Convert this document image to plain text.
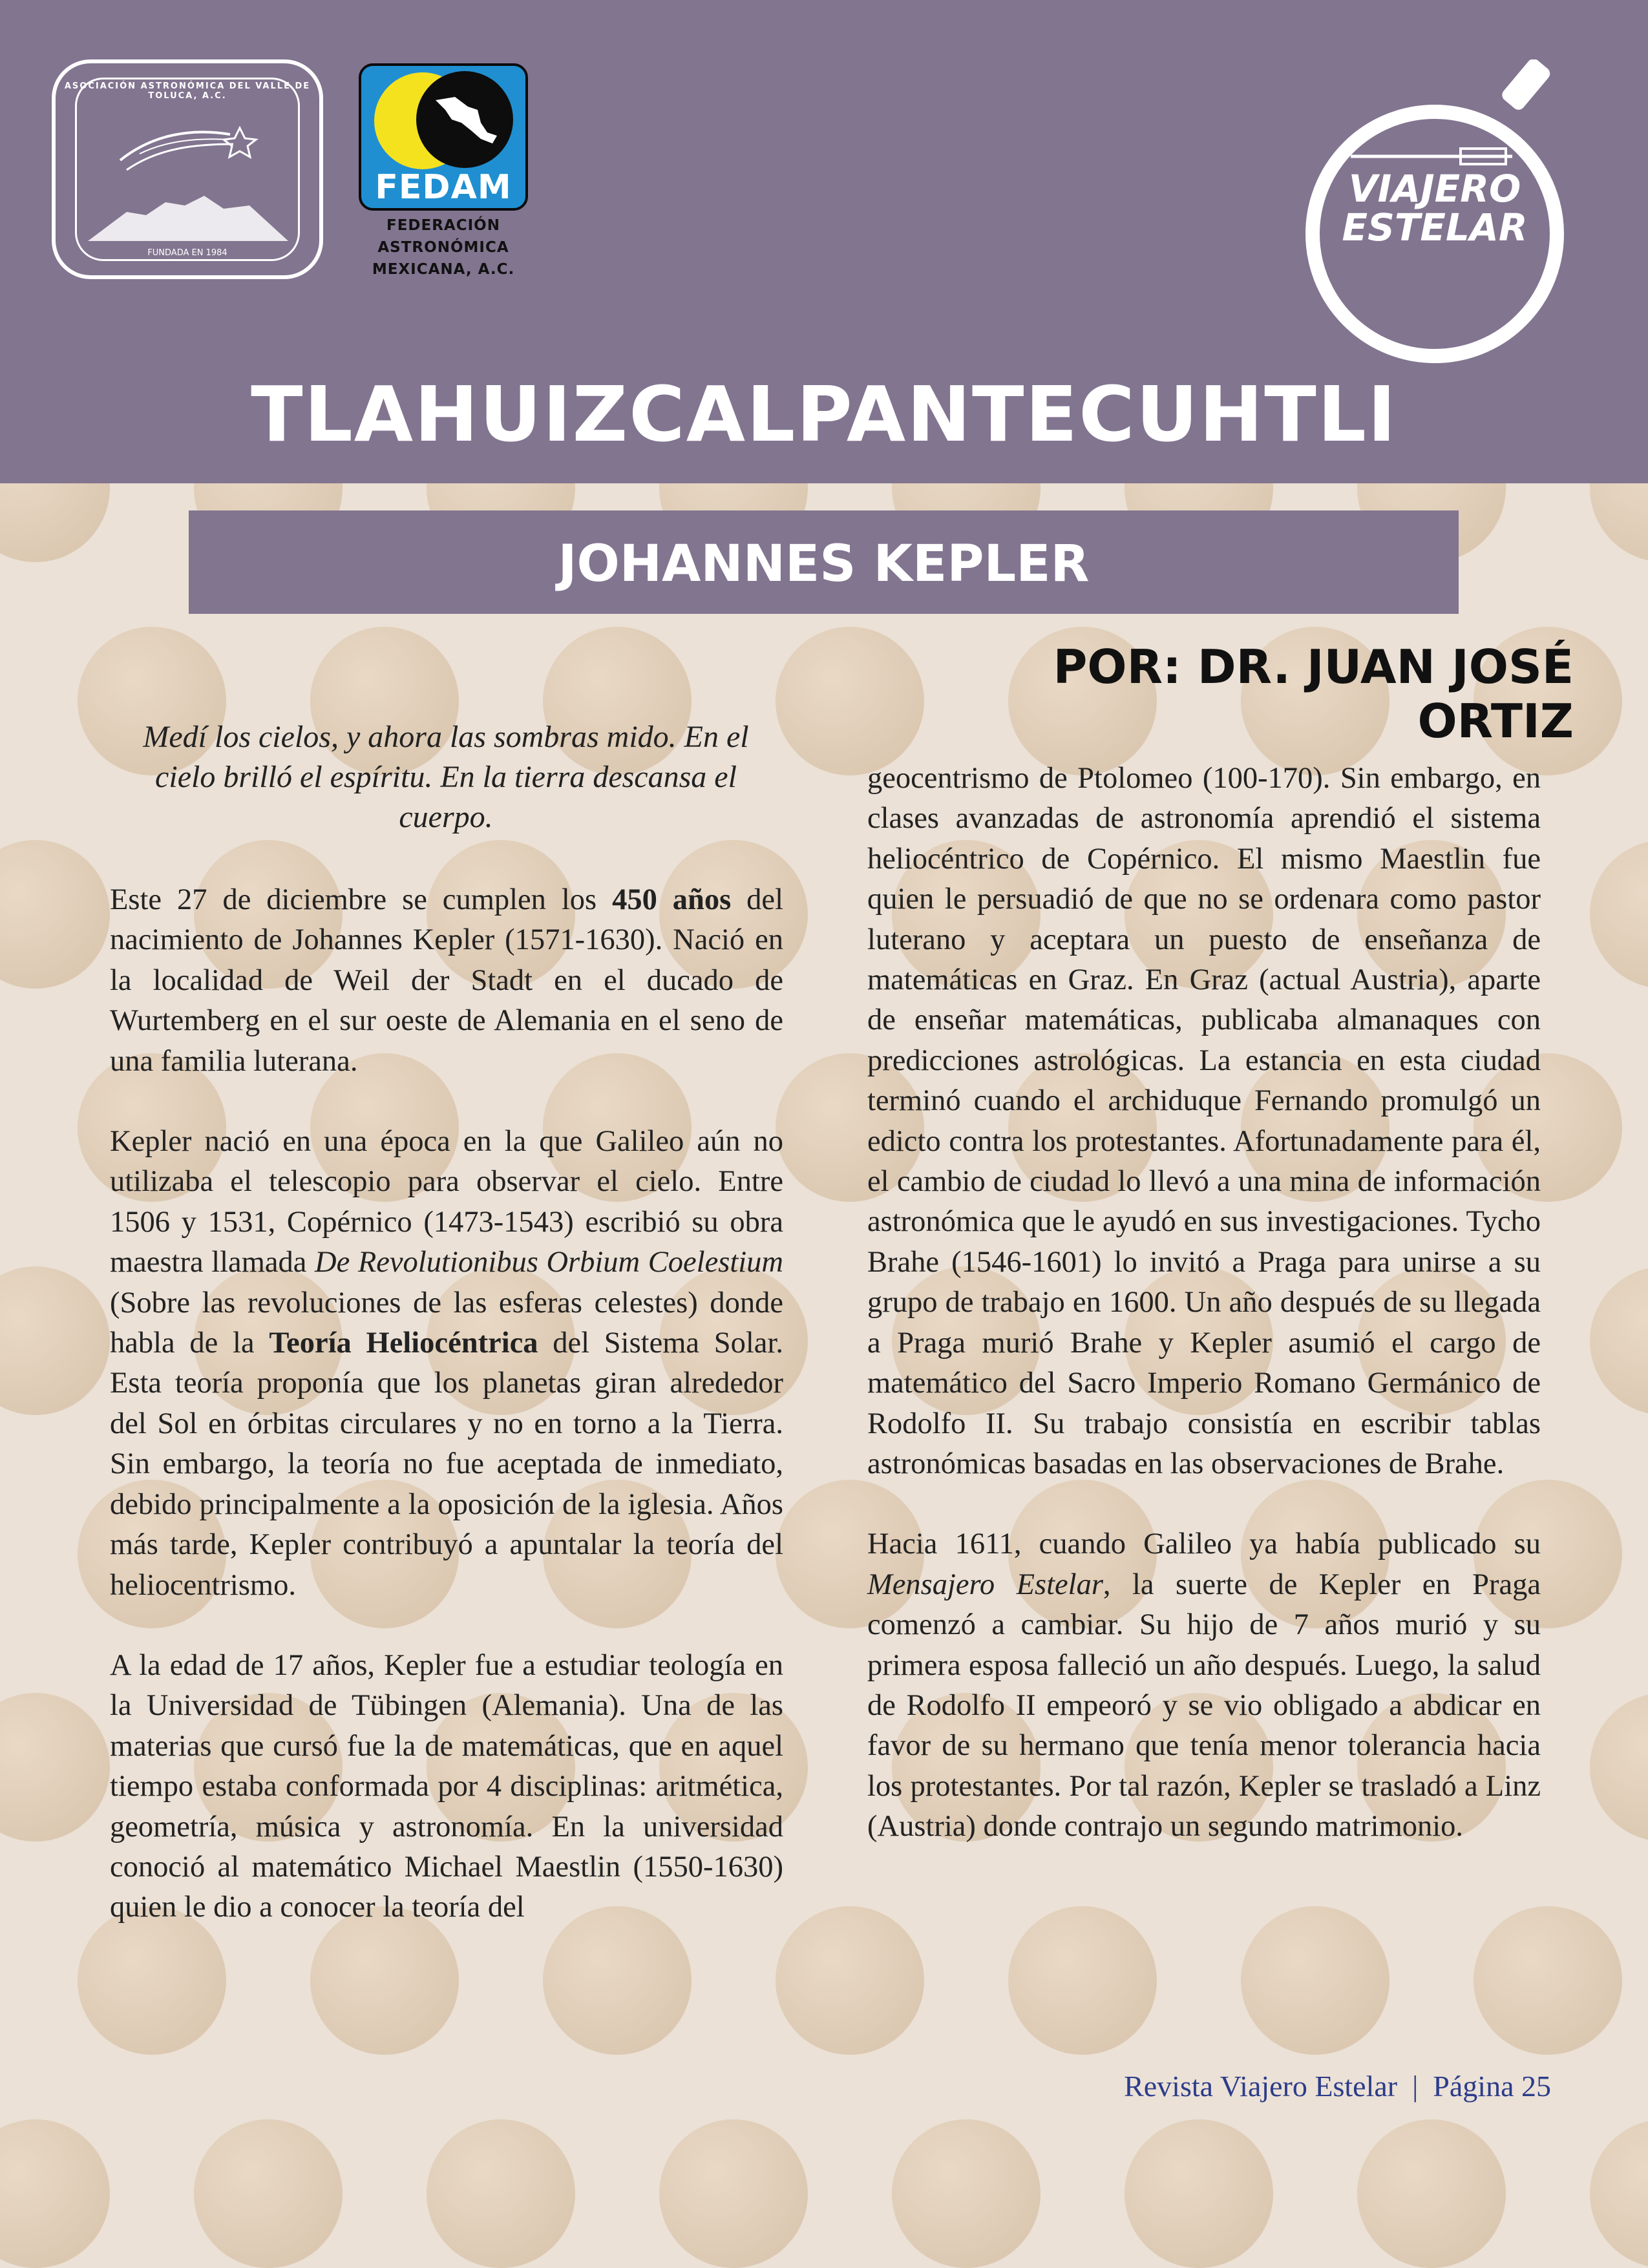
ASOCIACIÓN ASTRONÓMICA DEL VALLE DE TOLUCA, A.C.
FUNDADA EN 1984
FEDAM
FEDERACIÓN
ASTRONÓMICA
MEXICANA, A.C.
VIAJERO
ESTELAR
TLAHUIZCALPANTECUHTLI
JOHANNES KEPLER
POR: DR. JUAN JOSÉ ORTIZ
Medí los cielos, y ahora las sombras mido. En el cielo brilló el espíritu. En la tierra descansa el cuerpo.

Este 27 de diciembre se cumplen los 450 años del nacimiento de Johannes Kepler (1571-1630). Nació en la localidad de Weil der Stadt en el ducado de Wurtemberg en el sur oeste de Alemania en el seno de una familia luterana.

Kepler nació en una época en la que Galileo aún no utilizaba el telescopio para observar el cielo. Entre 1506 y 1531, Copérnico (1473-1543) escribió su obra maestra llamada De Revolutionibus Orbium Coelestium (Sobre las revoluciones de las esferas celestes) donde habla de la Teoría Heliocéntrica del Sistema Solar. Esta teoría proponía que los planetas giran alrededor del Sol en órbitas circulares y no en torno a la Tierra. Sin embargo, la teoría no fue aceptada de inmediato, debido principalmente a la oposición de la iglesia. Años más tarde, Kepler contribuyó a apuntalar la teoría del heliocentrismo.

A la edad de 17 años, Kepler fue a estudiar teología en la Universidad de Tübingen (Alemania). Una de las materias que cursó fue la de matemáticas, que en aquel tiempo estaba conformada por 4 disciplinas: aritmética, geometría, música y astronomía. En la universidad conoció al matemático Michael Maestlin (1550-1630) quien le dio a conocer la teoría del

geocentrismo de Ptolomeo (100-170). Sin embargo, en clases avanzadas de astronomía aprendió el sistema heliocéntrico de Copérnico. El mismo Maestlin fue quien le persuadió de que no se ordenara como pastor luterano y aceptara un puesto de enseñanza de matemáticas en Graz. En Graz (actual Austria), aparte de enseñar matemáticas, publicaba almanaques con predicciones astrológicas. La estancia en esta ciudad terminó cuando el archiduque Fernando promulgó un edicto contra los protestantes. Afortunadamente para él, el cambio de ciudad lo llevó a una mina de información astronómica que le ayudó en sus investigaciones. Tycho Brahe (1546-1601) lo invitó a Praga para unirse a su grupo de trabajo en 1600. Un año después de su llegada a Praga murió Brahe y Kepler asumió el cargo de matemático del Sacro Imperio Romano Germánico de Rodolfo II. Su trabajo consistía en escribir tablas astronómicas basadas en las observaciones de Brahe.

Hacia 1611, cuando Galileo ya había publicado su Mensajero Estelar, la suerte de Kepler en Praga comenzó a cambiar. Su hijo de 7 años murió y su primera esposa falleció un año después. Luego, la salud de Rodolfo II empeoró y se vio obligado a abdicar en favor de su hermano que tenía menor tolerancia hacia los protestantes. Por tal razón, Kepler se trasladó a Linz (Austria) donde contrajo un segundo matrimonio.

Revista Viajero Estelar  |  Página 25
